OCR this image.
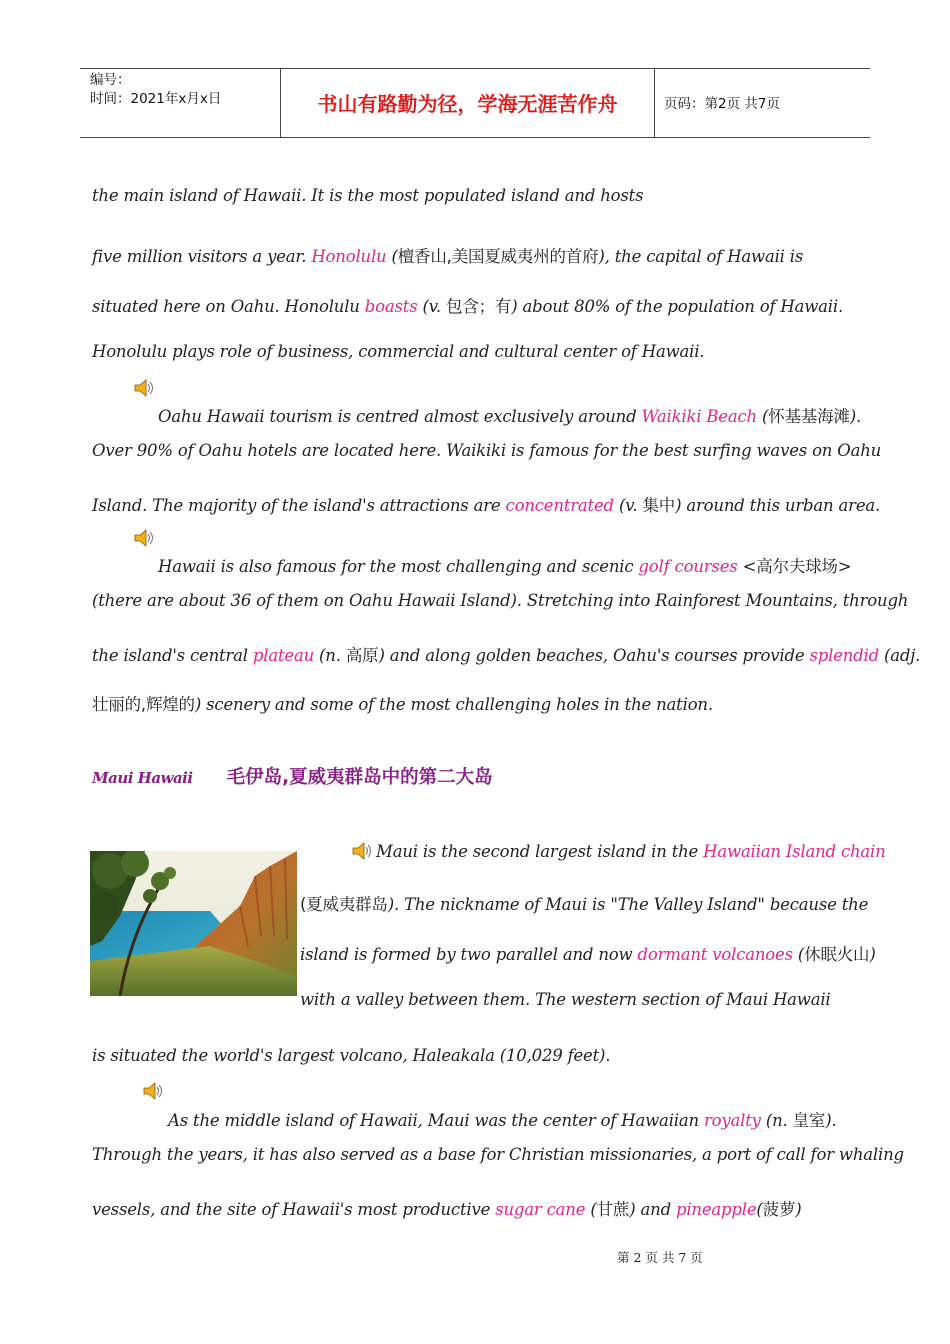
编号：
时间：2021年x月x日	书山有路勤为径，学海无涯苦作舟	页码：第2页 共7页
the main island of Hawaii. It is the most populated island and hosts
five million visitors a year. Honolulu (檀香山,美国夏威夷州的首府), the capital of Hawaii is
situated here on Oahu. Honolulu boasts (v. 包含；有) about 80% of the population of Hawaii.
Honolulu plays role of business, commercial and cultural center of Hawaii.
Oahu Hawaii tourism is centred almost exclusively around Waikiki Beach (怀基基海滩).
Over 90% of Oahu hotels are located here. Waikiki is famous for the best surfing waves on Oahu
Island. The majority of the island's attractions are concentrated (v. 集中) around this urban area.
Hawaii is also famous for the most challenging and scenic golf courses <高尔夫球场>
(there are about 36 of them on Oahu Hawaii Island). Stretching into Rainforest Mountains, through
the island's central plateau (n. 高原) and along golden beaches, Oahu's courses provide splendid (adj.
壮丽的,辉煌的) scenery and some of the most challenging holes in the nation.
Maui Hawaii 毛伊岛,夏威夷群岛中的第二大岛
Maui is the second largest island in the Hawaiian Island chain
(夏威夷群岛). The nickname of Maui is "The Valley Island" because the
island is formed by two parallel and now dormant volcanoes (休眠火山)
with a valley between them. The western section of Maui Hawaii
is situated the world's largest volcano, Haleakala (10,029 feet).
As the middle island of Hawaii, Maui was the center of Hawaiian royalty (n. 皇室).
Through the years, it has also served as a base for Christian missionaries, a port of call for whaling
vessels, and the site of Hawaii's most productive sugar cane (甘蔗) and pineapple(菠萝)
第 2 页 共 7 页
